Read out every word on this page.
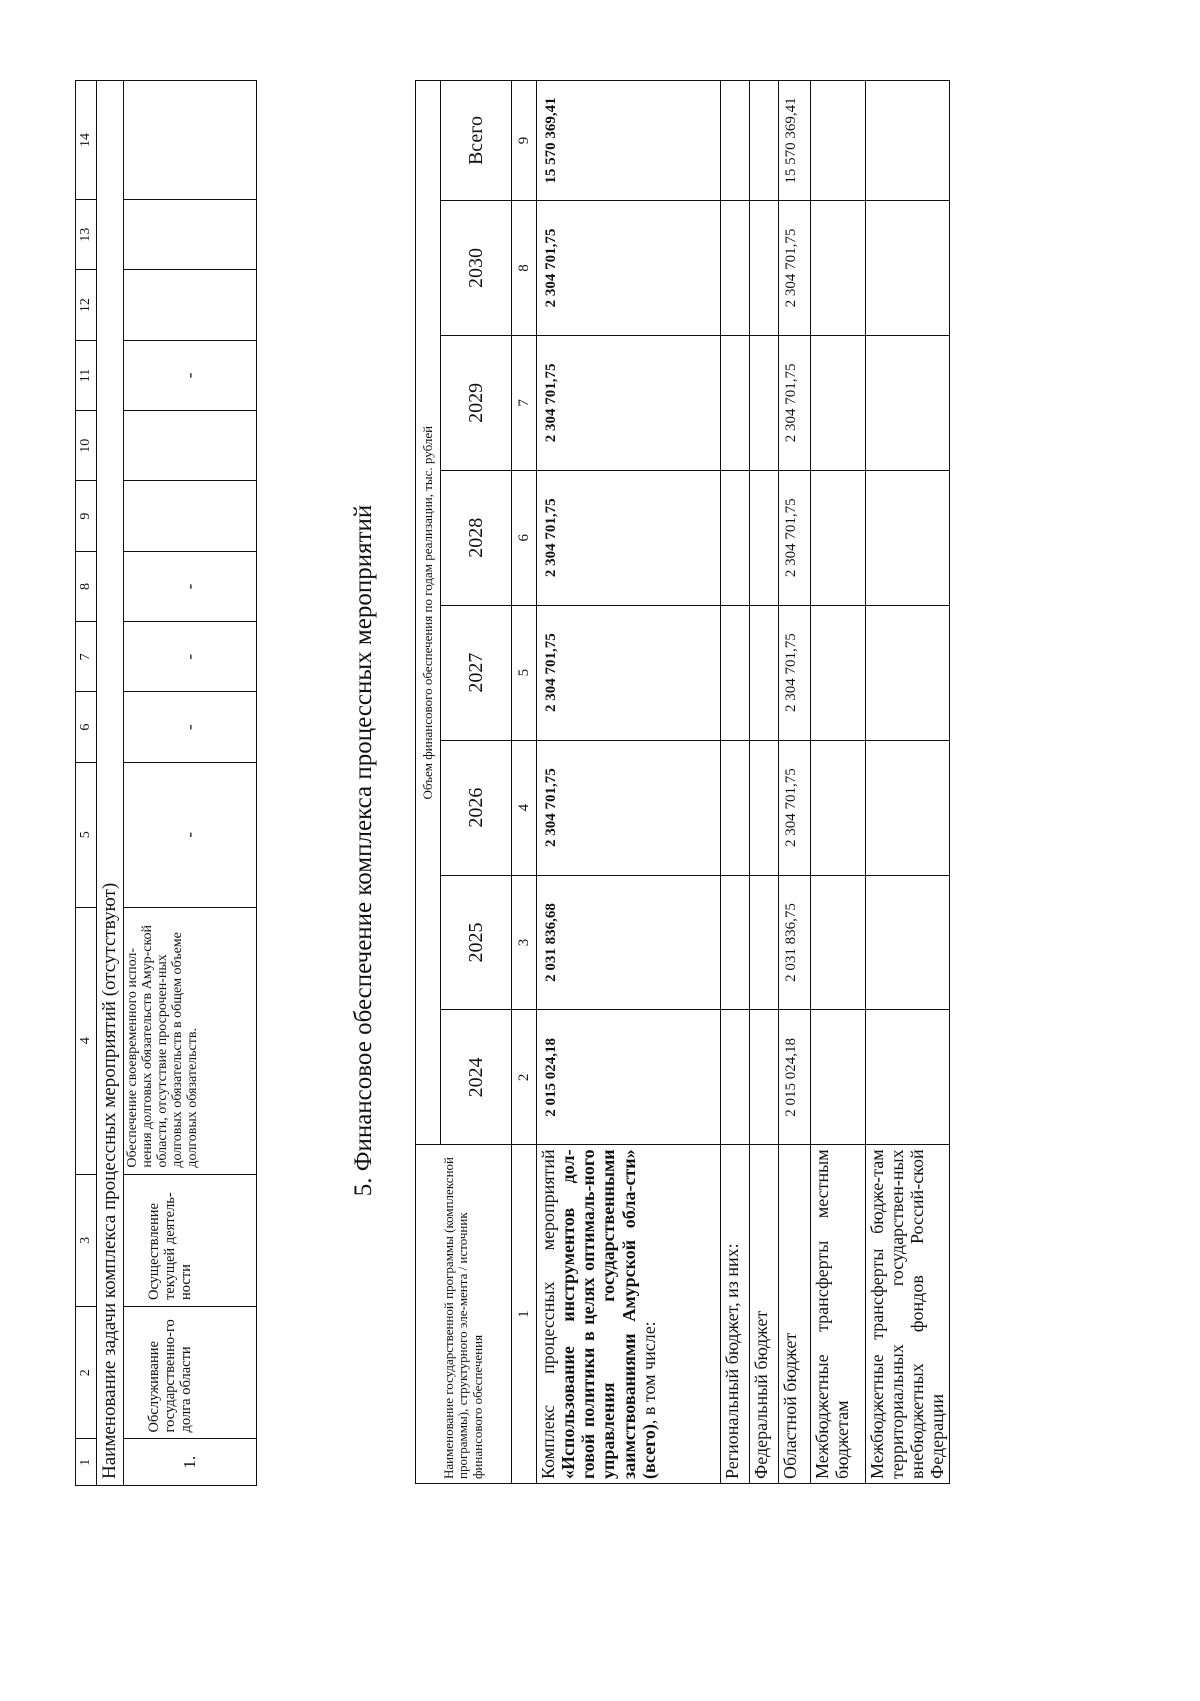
1	2	3	4	5	6	7	8	9	10	11	12	13	14
Наименование задачи комплекса процессных мероприятий (отсутствуют)													
1.	Обслуживание государственно-го долга области	Осуществление текущей деятель-ности	Обеспечение своевременного испол-нения долговых обязательств Амур-ской области, отсутствие просрочен-ных долговых обязательств в общем объеме долговых обязательств.	-	-	-	-			-			
5. Финансовое обеспечение комплекса процессных мероприятий
Наименование государственной программы (комплексной программы), структурного эле-мента / источник финансового обеспечения	Объем финансового обеспечения по годам реализации, тыс. рублей							
	2024	2025	2026	2027	2028	2029	2030	Всего
1	2	3	4	5	6	7	8	9
Комплекс процессных мероприятий «Использование инструментов дол-говой политики в целях оптималь-ного управления государственными заимствованиями Амурской обла-сти» (всего), в том числе:	2 015 024,18	2 031 836,68	2 304 701,75	2 304 701,75	2 304 701,75	2 304 701,75	2 304 701,75	15 570 369,41
Региональный бюджет, из них:								
Федеральный бюджет								
Областной бюджет	2 015 024,18	2 031 836,75	2 304 701,75	2 304 701,75	2 304 701,75	2 304 701,75	2 304 701,75	15 570 369,41
Межбюджетные трансферты местным бюджетам								
Межбюджетные трансферты бюдже-там территориальных государствен-ных внебюджетных фондов Россий-ской Федерации								
